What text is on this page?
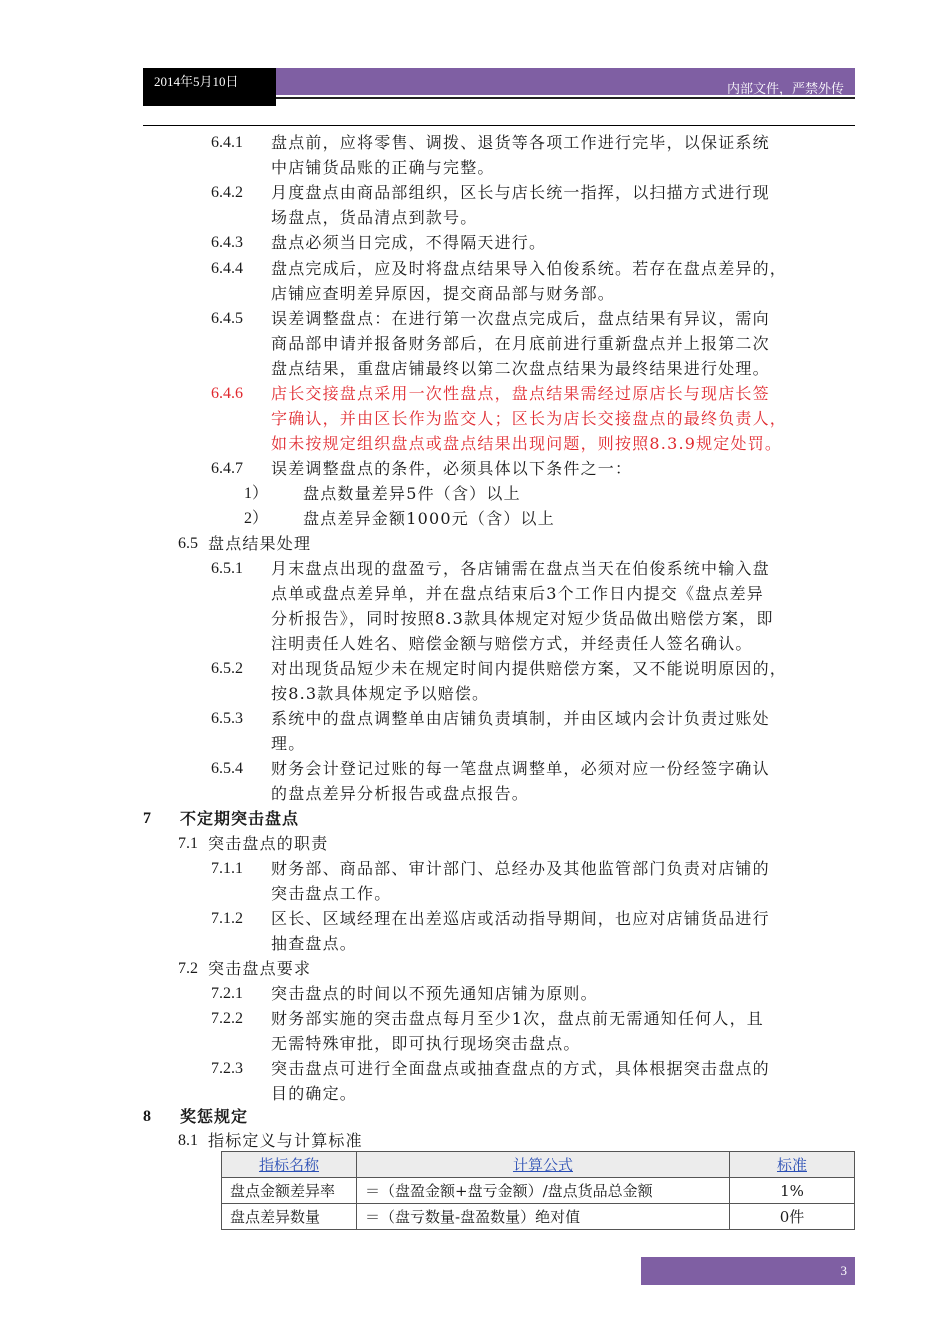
2014年5月10日	内部文件，严禁外传
6.4.1 盘点前，应将零售、调拨、退货等各项工作进行完毕，以保证系统
中店铺货品账的正确与完整。
6.4.2 月度盘点由商品部组织，区长与店长统一指挥，以扫描方式进行现
场盘点，货品清点到款号。
6.4.3 盘点必须当日完成，不得隔天进行。
6.4.4 盘点完成后，应及时将盘点结果导入伯俊系统。若存在盘点差异的，
店铺应查明差异原因，提交商品部与财务部。
6.4.5 误差调整盘点：在进行第一次盘点完成后，盘点结果有异议，需向
商品部申请并报备财务部后，在月底前进行重新盘点并上报第二次
盘点结果，重盘店铺最终以第二次盘点结果为最终结果进行处理。
6.4.6 店长交接盘点采用一次性盘点，盘点结果需经过原店长与现店长签
字确认，并由区长作为监交人；区长为店长交接盘点的最终负责人，
如未按规定组织盘点或盘点结果出现问题，则按照8.3.9规定处罚。
6.4.7 误差调整盘点的条件，必须具体以下条件之一：
1） 盘点数量差异5件（含）以上
2） 盘点差异金额1000元（含）以上
6.5 盘点结果处理
6.5.1 月末盘点出现的盘盈亏，各店铺需在盘点当天在伯俊系统中输入盘
点单或盘点差异单，并在盘点结束后3个工作日内提交《盘点差异
分析报告》，同时按照8.3款具体规定对短少货品做出赔偿方案，即
注明责任人姓名、赔偿金额与赔偿方式，并经责任人签名确认。
6.5.2 对出现货品短少未在规定时间内提供赔偿方案，又不能说明原因的，
按8.3款具体规定予以赔偿。
6.5.3 系统中的盘点调整单由店铺负责填制，并由区域内会计负责过账处
理。
6.5.4 财务会计登记过账的每一笔盘点调整单，必须对应一份经签字确认
的盘点差异分析报告或盘点报告。
7 不定期突击盘点
7.1 突击盘点的职责
7.1.1 财务部、商品部、审计部门、总经办及其他监管部门负责对店铺的
突击盘点工作。
7.1.2 区长、区域经理在出差巡店或活动指导期间，也应对店铺货品进行
抽查盘点。
7.2 突击盘点要求
7.2.1 突击盘点的时间以不预先通知店铺为原则。
7.2.2 财务部实施的突击盘点每月至少1次，盘点前无需通知任何人，且
无需特殊审批，即可执行现场突击盘点。
7.2.3 突击盘点可进行全面盘点或抽查盘点的方式，具体根据突击盘点的
目的确定。
8 奖惩规定
8.1 指标定义与计算标准
指标名称	计算公式	标准
盘点金额差异率	＝（盘盈金额+盘亏金额）/盘点货品总金额	1%
盘点差异数量	＝（盘亏数量-盘盈数量）绝对值	0件
3
